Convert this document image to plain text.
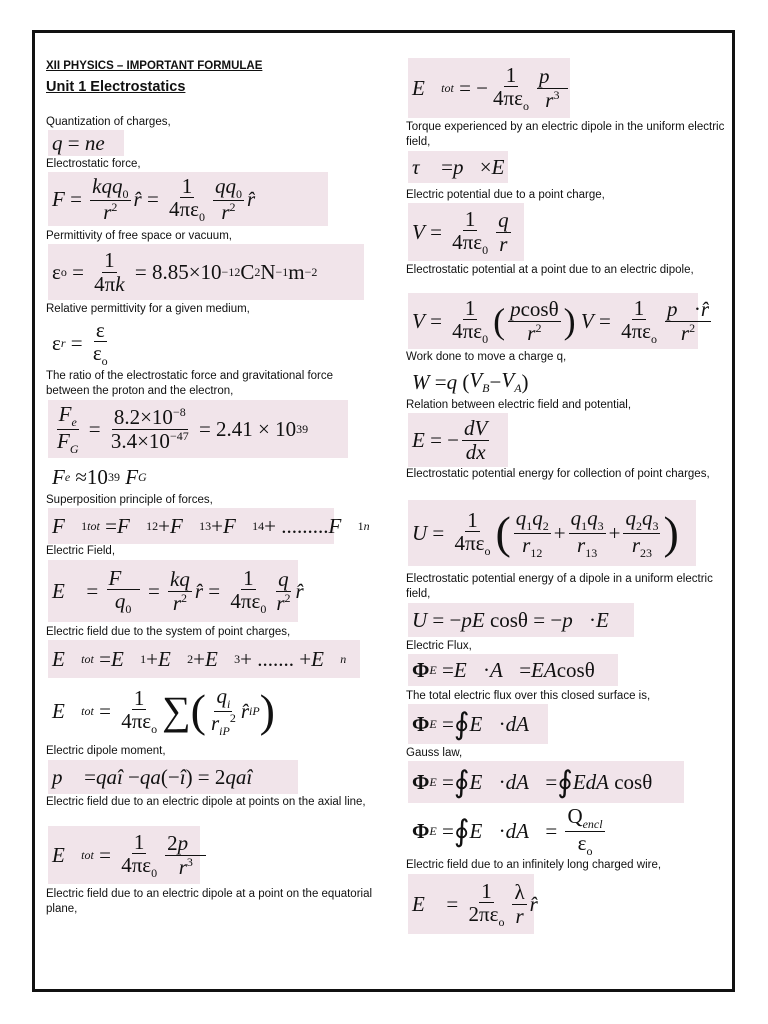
XII PHYSICS – IMPORTANT FORMULAE
Unit 1 Electrostatics
Quantization of charges,
q = ne
Electrostatic force,
$F = \frac{kqq_0}{r^2}$ r̂ = $\frac{1}{4\pi\varepsilon_0} \frac{qq_0}{r^2}$ r̂
Permittivity of free space or vacuum,
ε $o = \frac{1}{4\pi k} = 8.85\times 10 -12$ C 2 N −1 m −2
Relative permittivity for a given medium,
ε $r = \frac{\varepsilon}{\varepsilon_o}$
The ratio of the electrostatic force and gravitational force between the proton and the electron,
$\frac{F_e}{F_G} = \frac{8.2\times 10^{-8}}{3.4\times 10^{-47}} = 2.41 \times 10$ 39
F e ≈10 39
F G
Superposition principle of forces,
F⃗ 1 tot = F⃗ 12 + F⃗ 13 + F⃗ 14 + ......... F⃗ 1n
Electric Field,
E⃗ = $\frac{F⃗}{q_0} = \frac{kq}{r^2}$ r̂ = $\frac{1}{4\pi\varepsilon_0} \frac{q}{r^2}$ r̂
Electric field due to the system of point charges,
E⃗ tot = E⃗ 1 + E⃗ 2 + E⃗ 3 + ....... + E⃗ n
E⃗ tot = $\frac{1}{4\pi\varepsilon_o}$ ∑ ( $\frac{q_i}{r_{iP}^2}$ r̂ iP )
Electric dipole moment,
p⃗ = qaî − qa (− î ) = 2 qaî
Electric field due to an electric dipole at points on the axial line,
E⃗ tot = $\frac{1}{4\pi\varepsilon_0} \frac{2p⃗}{r^3}$
Electric field due to an electric dipole at a point on the equatorial plane,
E⃗ tot = − $\frac{1}{4\pi\varepsilon_o} \frac{p⃗}{r^3}$
Torque experienced by an electric dipole in the uniform electric field,
τ⃗ = p⃗ × E⃗
Electric potential due to a point charge,
$V = \frac{1}{4\pi\varepsilon_0} \frac{q}{r}$
Electrostatic potential at a point due to an electric dipole,
$V = \frac{1}{4\pi\varepsilon_0}$ ( $\frac{pcos\theta}{r^2}$ )
$V = \frac{1}{4\pi\varepsilon_o} \frac{p⃗\cdot r̂}{r^2}$
Work done to move a charge q,
W = q ( $V_B - V_A$ )
Relation between electric field and potential,
E = − $\frac{dV}{dx}$
Electrostatic potential energy for collection of point charges,
$U = \frac{1}{4\pi\varepsilon_o}$ ( $\frac{q_1q_2}{r_{12}} + \frac{q_1q_3}{r_{13}} + \frac{q_2q_3}{r_{23}}$ )
Electrostatic potential energy of a dipole in a uniform electric field,
U = − pE cosθ = − p⃗ · E⃗
Electric Flux,
Φ E = E⃗ · A⃗ = EA cosθ
The total electric flux over this closed surface is,
Φ E = ∮ E⃗ · dA⃗
Gauss law,
Φ E = ∮ E⃗ · dA⃗ = ∮ EdA cosθ
Φ E = ∮ E⃗ · dA⃗ = $\frac{Q_{encl}}{\varepsilon_o}$
Electric field due to an infinitely long charged wire,
E⃗ = $\frac{1}{2\pi\varepsilon_o} \frac{\lambda}{r}$ r̂
